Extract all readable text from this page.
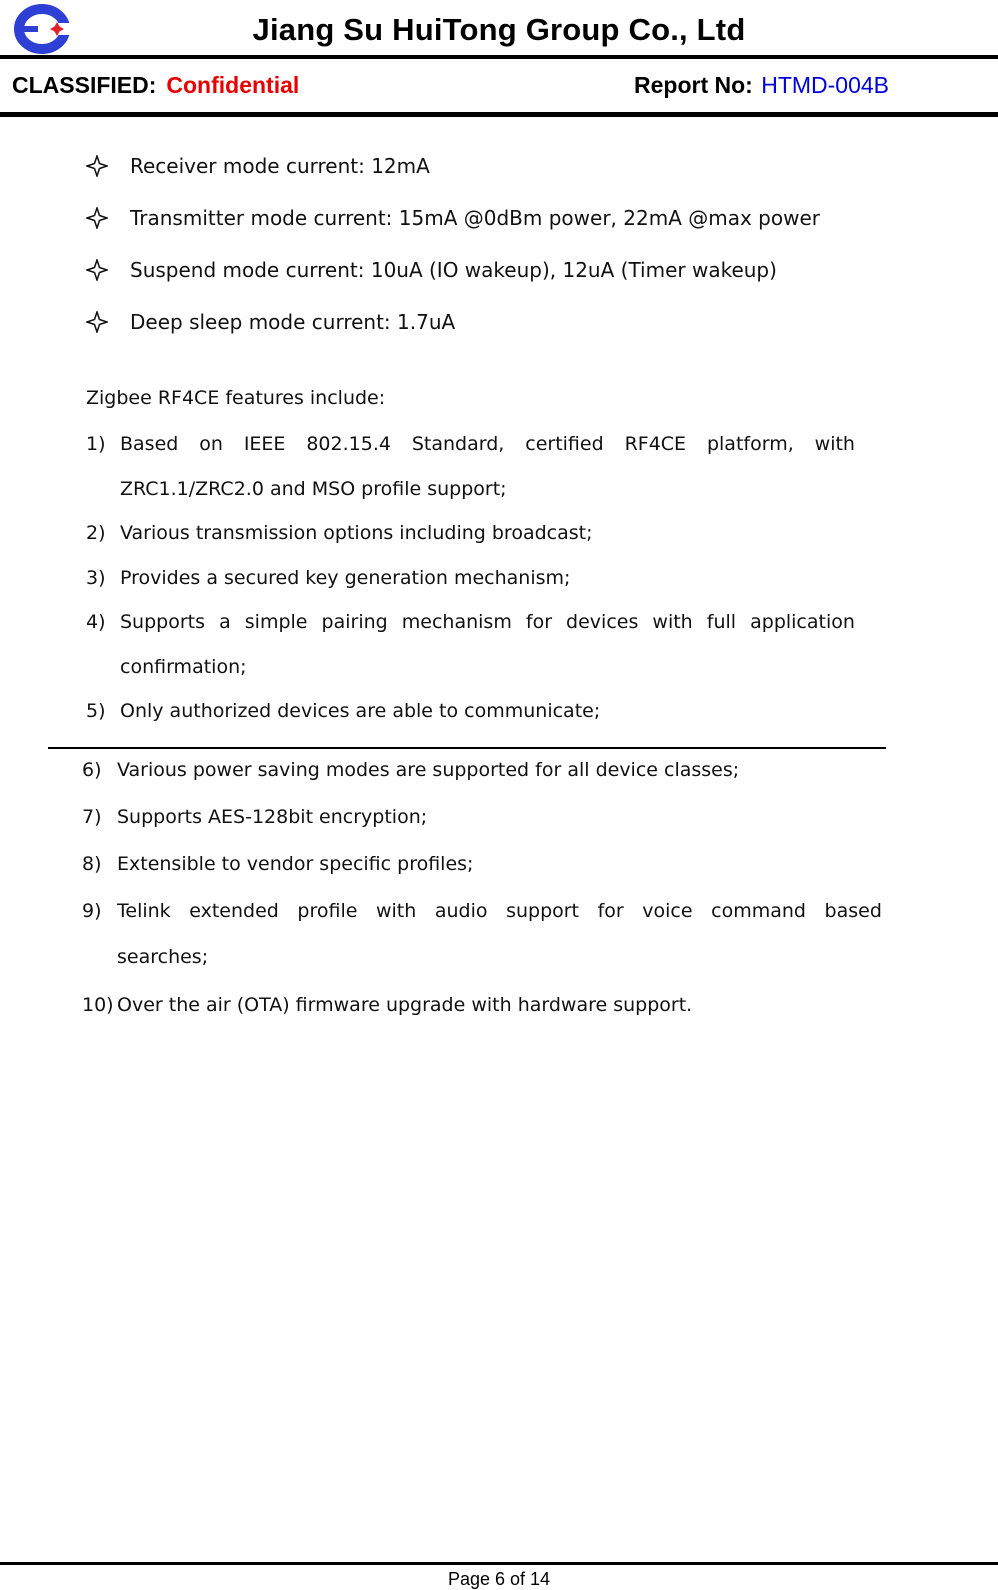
Jiang Su HuiTong Group Co., Ltd
CLASSIFIED: Confidential	Report No: HTMD-004B
Receiver mode current: 12mA
Transmitter mode current: 15mA @0dBm power, 22mA @max power
Suspend mode current: 10uA (IO wakeup), 12uA (Timer wakeup)
Deep sleep mode current: 1.7uA
Zigbee RF4CE features include:
1) Based on IEEE 802.15.4 Standard, certified RF4CE platform, with
ZRC1.1/ZRC2.0 and MSO profile support;
2) Various transmission options including broadcast;
3) Provides a secured key generation mechanism;
4) Supports a simple pairing mechanism for devices with full application
confirmation;
5) Only authorized devices are able to communicate;
6) Various power saving modes are supported for all device classes;
7) Supports AES-128bit encryption;
8) Extensible to vendor specific profiles;
9) Telink extended profile with audio support for voice command based
searches;
10) Over the air (OTA) firmware upgrade with hardware support.
Page 6 of 14
